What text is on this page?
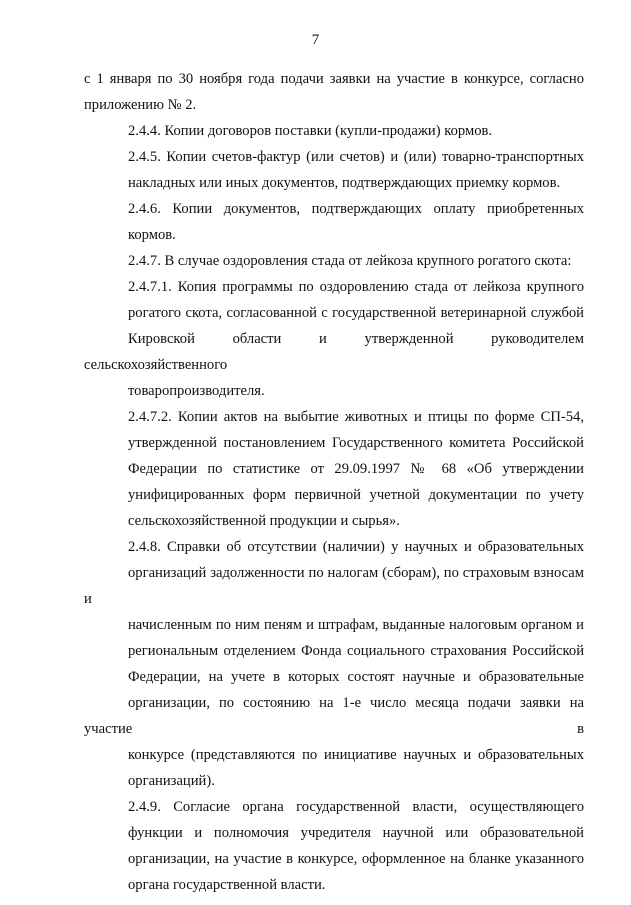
7
с 1 января по 30 ноября года подачи заявки на участие в конкурсе, согласно
приложению № 2.
2.4.4. Копии договоров поставки (купли-продажи) кормов.
2.4.5. Копии счетов-фактур (или счетов) и (или) товарно-транспортных
накладных или иных документов, подтверждающих приемку кормов.
2.4.6. Копии документов, подтверждающих оплату приобретенных
кормов.
2.4.7. В случае оздоровления стада от лейкоза крупного рогатого скота:
2.4.7.1. Копия программы по оздоровлению стада от лейкоза крупного
рогатого скота, согласованной с государственной ветеринарной службой
Кировской области и утвержденной руководителем сельскохозяйственного
товаропроизводителя.
2.4.7.2. Копии актов на выбытие животных и птицы по форме СП-54,
утвержденной постановлением Государственного комитета Российской
Федерации по статистике от 29.09.1997 № 68 «Об утверждении
унифицированных форм первичной учетной документации по учету
сельскохозяйственной продукции и сырья».
2.4.8. Справки об отсутствии (наличии) у научных и образовательных
организаций задолженности по налогам (сборам), по страховым взносам и
начисленным по ним пеням и штрафам, выданные налоговым органом и
региональным отделением Фонда социального страхования Российской
Федерации, на учете в которых состоят научные и образовательные
организации, по состоянию на 1-е число месяца подачи заявки на участие в
конкурсе (представляются по инициативе научных и образовательных
организаций).
2.4.9. Согласие органа государственной власти, осуществляющего
функции и полномочия учредителя научной или образовательной
организации, на участие в конкурсе, оформленное на бланке указанного
органа государственной власти.
